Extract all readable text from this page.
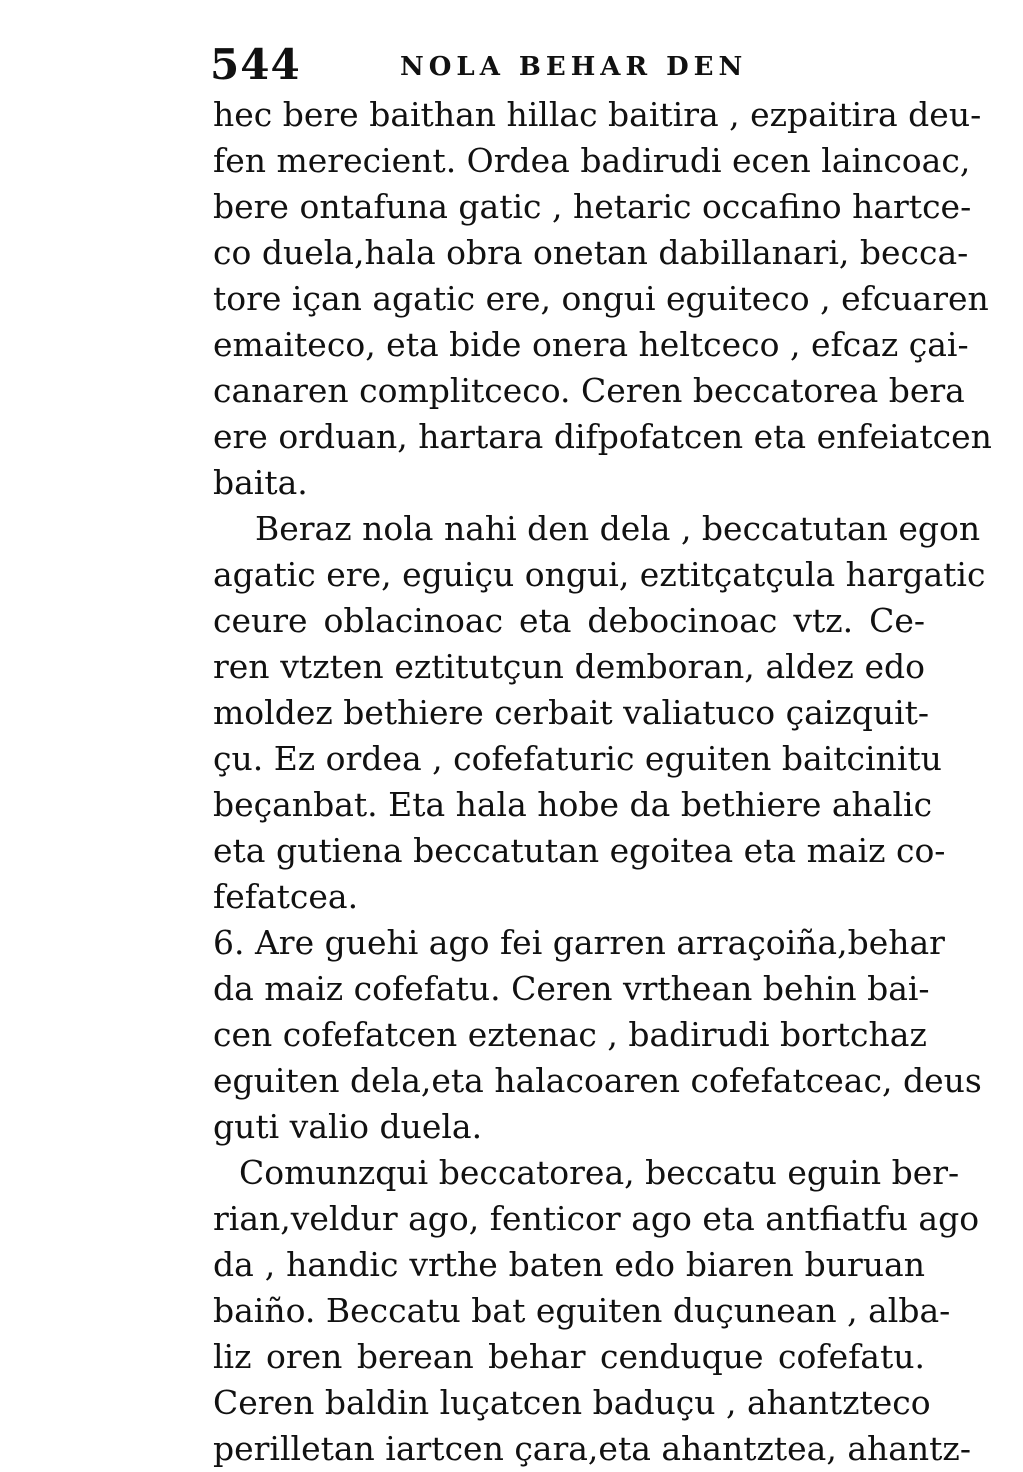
544	NOLA BEHAR DEN
hec bere baithan hillac baitira , ezpaitira deu-
fen merecient. Ordea badirudi ecen laincoac,
bere ontafuna gatic , hetaric occafino hartce-
co duela,hala obra onetan dabillanari, becca-
tore içan agatic ere, ongui eguiteco , efcuaren
emaiteco, eta bide onera heltceco , efcaz çai-
canaren complitceco. Ceren beccatorea bera
ere orduan, hartara difpofatcen eta enfeiatcen
baita.
Beraz nola nahi den dela , beccatutan egon
agatic ere, eguiçu ongui, eztitçatçula hargatic
ceure oblacinoac eta debocinoac vtz. Ce-
ren vtzten eztitutçun demboran, aldez edo
moldez bethiere cerbait valiatuco çaizquit-
çu. Ez ordea , cofefaturic eguiten baitcinitu
beçanbat. Eta hala hobe da bethiere ahalic
eta gutiena beccatutan egoitea eta maiz co-
fefatcea.
6. Are guehi ago fei garren arraçoiña,behar
da maiz cofefatu. Ceren vrthean behin bai-
cen cofefatcen eztenac , badirudi bortchaz
eguiten dela,eta halacoaren cofefatceac, deus
guti valio duela.
Comunzqui beccatorea, beccatu eguin ber-
rian,veldur ago, fenticor ago eta antfiatfu ago
da , handic vrthe baten edo biaren buruan
baiño. Beccatu bat eguiten duçunean , alba-
liz oren berean behar cenduque cofefatu.
Ceren baldin luçatcen baduçu , ahantzteco
perilletan iartcen çara,eta ahantztea, ahantz-
